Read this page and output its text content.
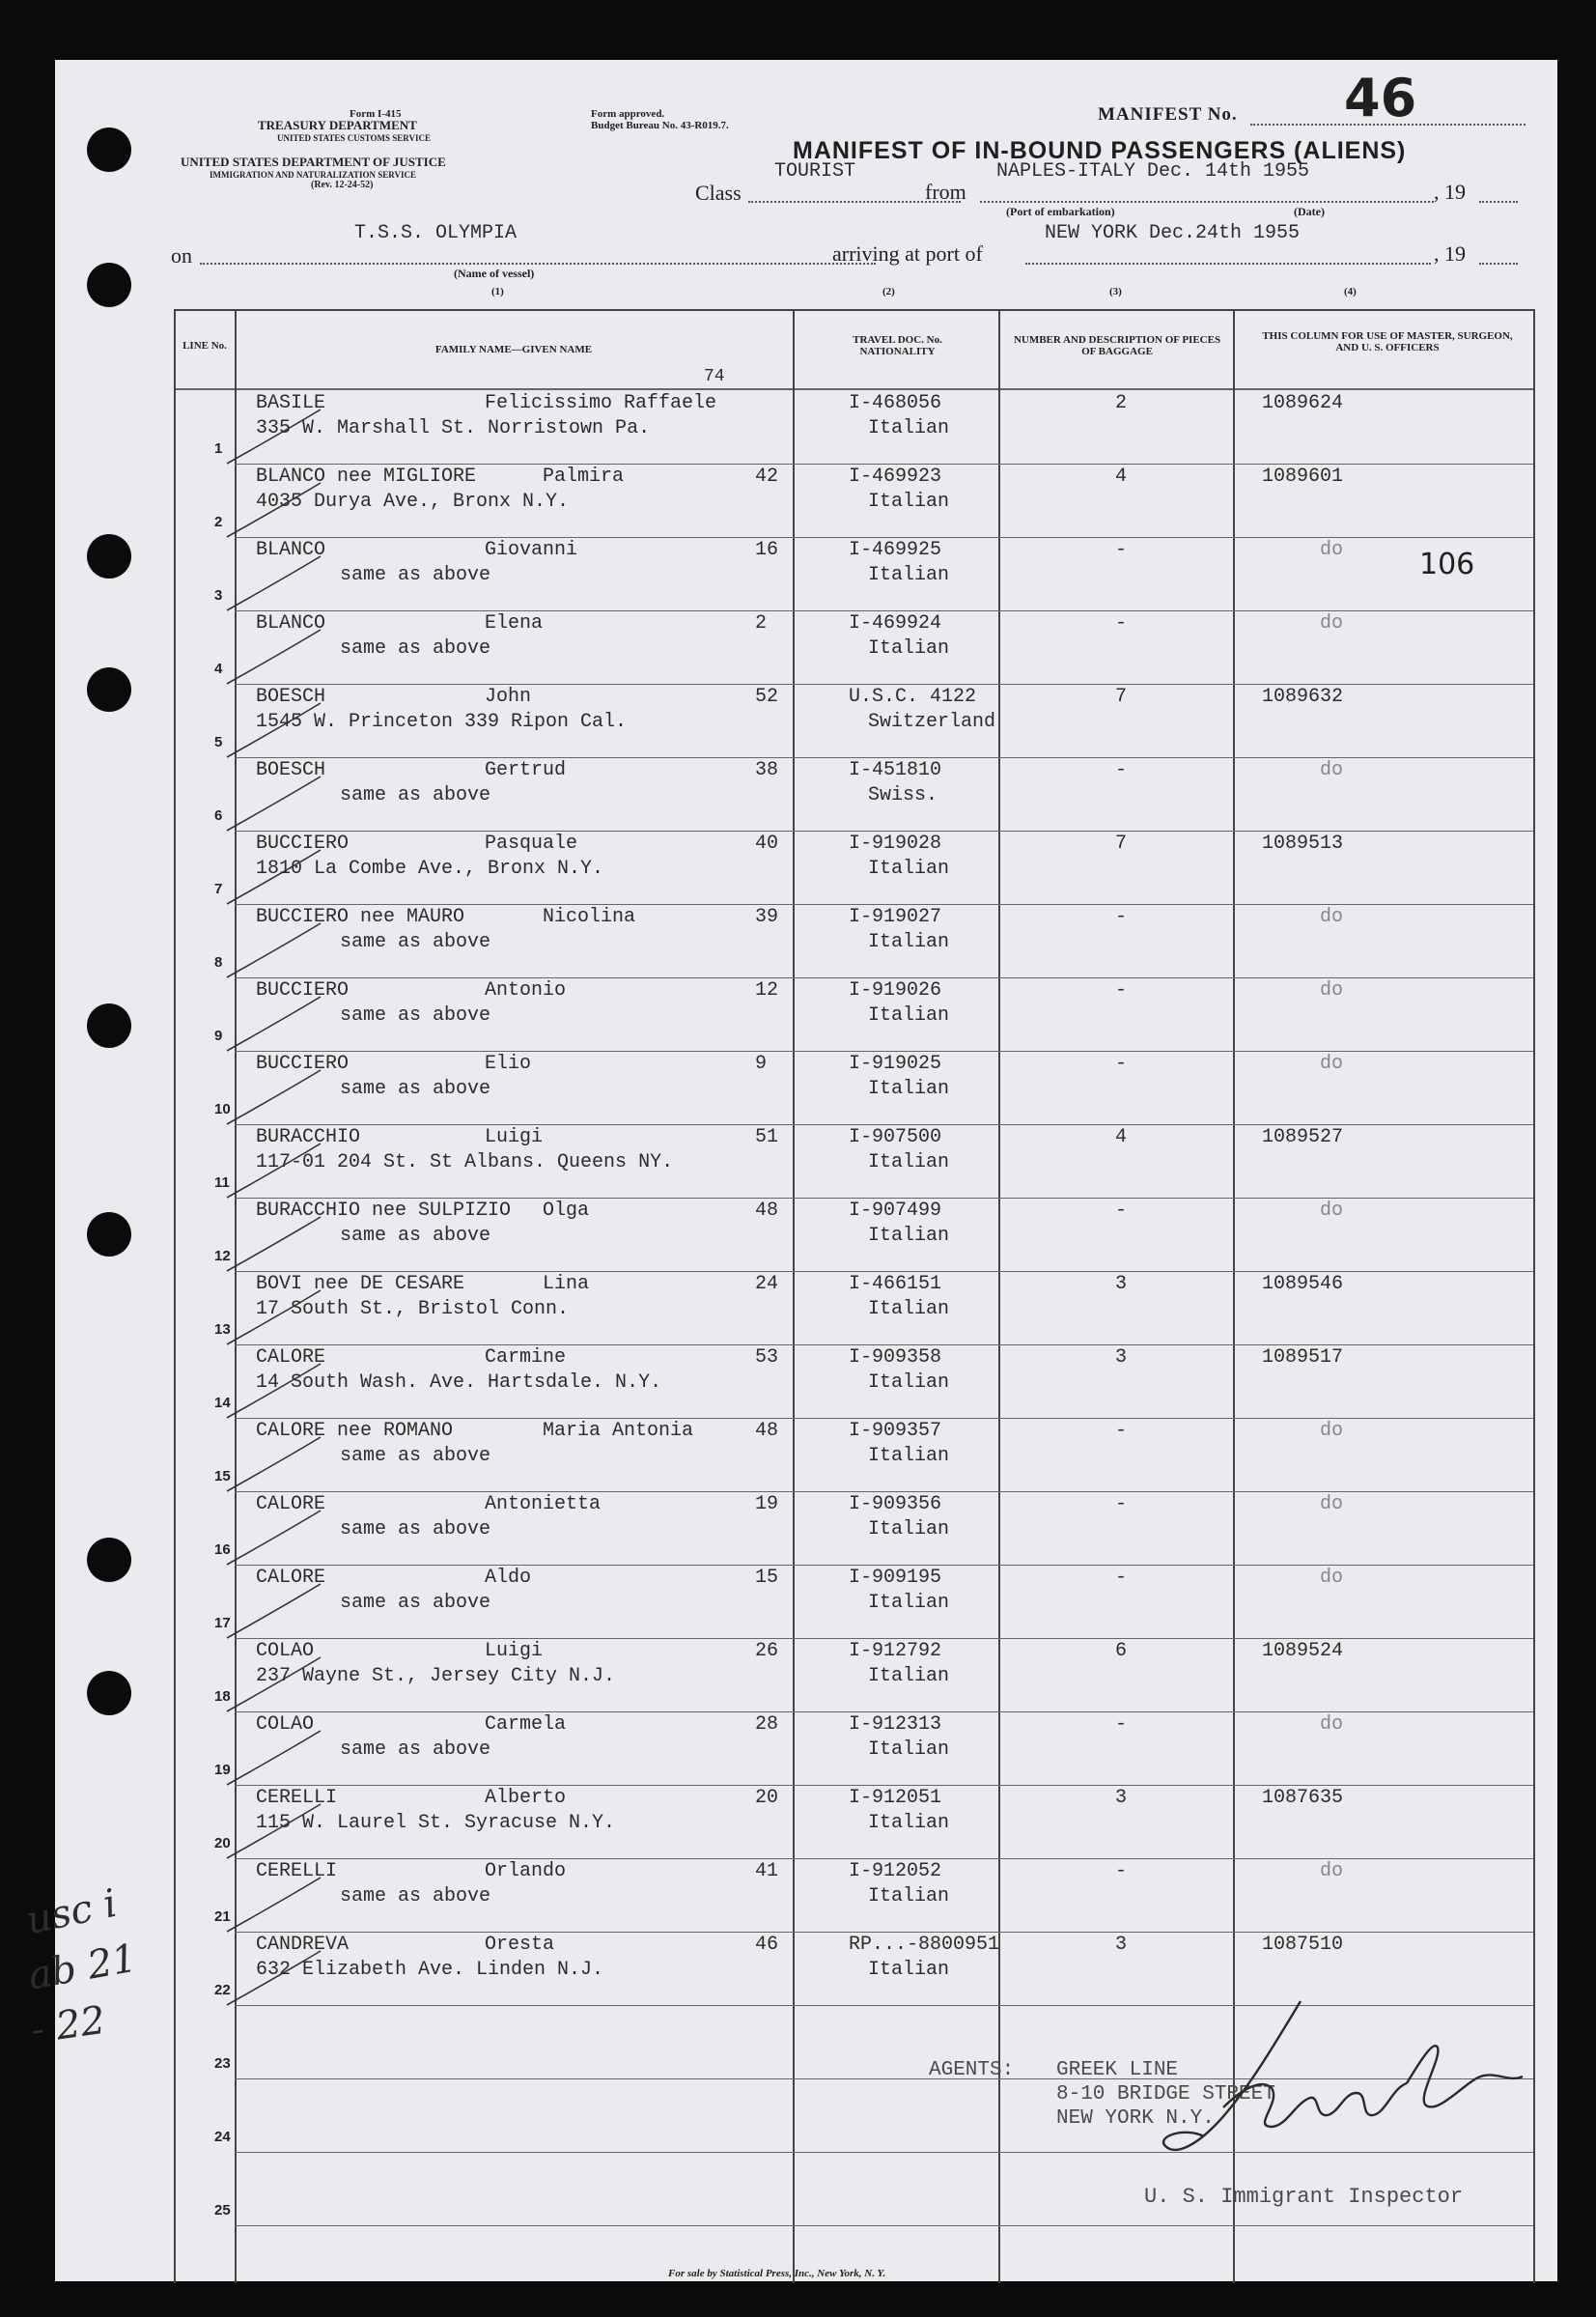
Form I-415
TREASURY DEPARTMENT
UNITED STATES CUSTOMS SERVICE
UNITED STATES DEPARTMENT OF JUSTICE
IMMIGRATION AND NATURALIZATION SERVICE
(Rev. 12-24-52)
Form approved.
Budget Bureau No. 43-R019.7.
MANIFEST No. 46
MANIFEST OF IN-BOUND PASSENGERS (ALIENS)
Class
TOURIST
from
NAPLES-ITALY Dec. 14th 1955
, 19
(Port of embarkation)	(Date)
on
T.S.S. OLYMPIA
(Name of vessel)
arriving at port of
NEW YORK Dec.24th 1955
, 19
(1)	(2)	(3)	(4)
LINE No.	FAMILY NAME—GIVEN NAME
74
TRAVEL DOC. No. NATIONALITY
NUMBER AND DESCRIPTION OF PIECES OF BAGGAGE
THIS COLUMN FOR USE OF MASTER, SURGEON, AND U. S. OFFICERS
1
BASILE	Felicissimo Raffaele
335 W. Marshall St. Norristown Pa.
I-468056
Italian
2	1089624
2
BLANCO nee MIGLIORE	Palmira	42
4035 Durya Ave., Bronx N.Y.
I-469923
Italian
4	1089601
3
BLANCO	Giovanni	16
same as above
I-469925
Italian
-	do
4
BLANCO	Elena	2
same as above
I-469924
Italian
-	do
5
BOESCH	John	52
1545 W. Princeton 339 Ripon Cal.
U.S.C. 4122
Switzerland
7	1089632
6
BOESCH	Gertrud	38
same as above
I-451810
Swiss.
-	do
7
BUCCIERO	Pasquale	40
1810 La Combe Ave., Bronx N.Y.
I-919028
Italian
7	1089513
8
BUCCIERO nee MAURO	Nicolina	39
same as above
I-919027
Italian
-	do
9
BUCCIERO	Antonio	12
same as above
I-919026
Italian
-	do
10
BUCCIERO	Elio	9
same as above
I-919025
Italian
-	do
11
BURACCHIO	Luigi	51
117-01 204 St. St Albans. Queens NY.
I-907500
Italian
4	1089527
12
BURACCHIO nee SULPIZIO Olga	48
same as above
I-907499
Italian
-	do
13
BOVI nee DE CESARE	Lina	24
17 South St., Bristol Conn.
I-466151
Italian
3	1089546
14
CALORE	Carmine	53
14 South Wash. Ave. Hartsdale. N.Y.
I-909358
Italian
3	1089517
15
CALORE nee ROMANO	Maria Antonia	48
same as above
I-909357
Italian
-	do
16
CALORE	Antonietta	19
same as above
I-909356
Italian
-	do
17
CALORE	Aldo	15
same as above
I-909195
Italian
-	do
18
COLAO	Luigi	26
237 Wayne St., Jersey City N.J.
I-912792
Italian
6	1089524
19
COLAO	Carmela	28
same as above
I-912313
Italian
-	do
20
CERELLI	Alberto	20
115 W. Laurel St. Syracuse N.Y.
I-912051
Italian
3	1087635
21
CERELLI	Orlando	41
same as above
I-912052
Italian
-	do
22
CANDREVA	Oresta	46
632 Elizabeth Ave. Linden N.J.
RP...-8800951
Italian
3	1087510
23
24
25
106
AGENTS: GREEK LINE
8-10 BRIDGE STREET
NEW YORK N.Y.
U. S. Immigrant Inspector
usc i
ab 21
- 22
For sale by Statistical Press, Inc., New York, N. Y.
